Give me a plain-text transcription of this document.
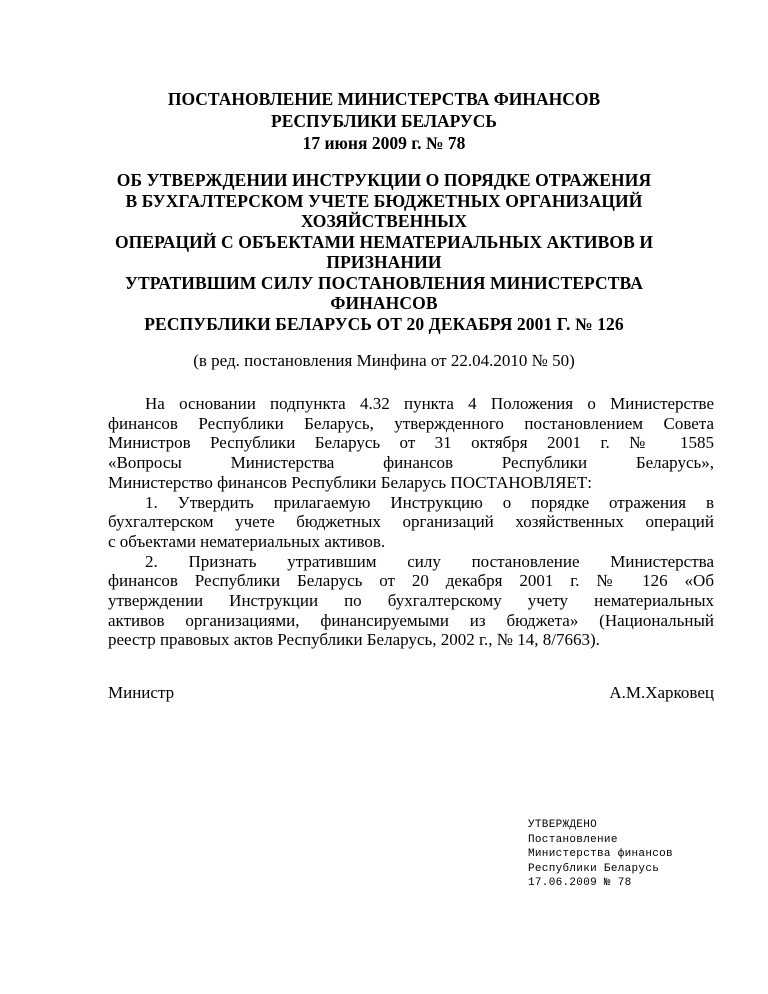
ПОСТАНОВЛЕНИЕ МИНИСТЕРСТВА ФИНАНСОВ
РЕСПУБЛИКИ БЕЛАРУСЬ
17 июня 2009 г. № 78
ОБ УТВЕРЖДЕНИИ ИНСТРУКЦИИ О ПОРЯДКЕ ОТРАЖЕНИЯ
В БУХГАЛТЕРСКОМ УЧЕТЕ БЮДЖЕТНЫХ ОРГАНИЗАЦИЙ
ХОЗЯЙСТВЕННЫХ
ОПЕРАЦИЙ С ОБЪЕКТАМИ НЕМАТЕРИАЛЬНЫХ АКТИВОВ И
ПРИЗНАНИИ
УТРАТИВШИМ СИЛУ ПОСТАНОВЛЕНИЯ МИНИСТЕРСТВА
ФИНАНСОВ
РЕСПУБЛИКИ БЕЛАРУСЬ ОТ 20 ДЕКАБРЯ 2001 Г. № 126
(в ред. постановления Минфина от 22.04.2010 № 50)
На основании подпункта 4.32 пункта 4 Положения о Министерстве
финансов Республики Беларусь, утвержденного постановлением Совета
Министров Республики Беларусь от 31 октября 2001 г. № 1585
«Вопросы Министерства финансов Республики Беларусь»,
Министерство финансов Республики Беларусь ПОСТАНОВЛЯЕТ:
1. Утвердить прилагаемую Инструкцию о порядке отражения в
бухгалтерском учете бюджетных организаций хозяйственных операций
с объектами нематериальных активов.
2. Признать утратившим силу постановление Министерства
финансов Республики Беларусь от 20 декабря 2001 г. № 126 «Об
утверждении Инструкции по бухгалтерскому учету нематериальных
активов организациями, финансируемыми из бюджета» (Национальный
реестр правовых актов Республики Беларусь, 2002 г., № 14, 8/7663).
Министр	А.М.Харковец
УТВЕРЖДЕНО
Постановление
Министерства финансов
Республики Беларусь
17.06.2009 № 78
